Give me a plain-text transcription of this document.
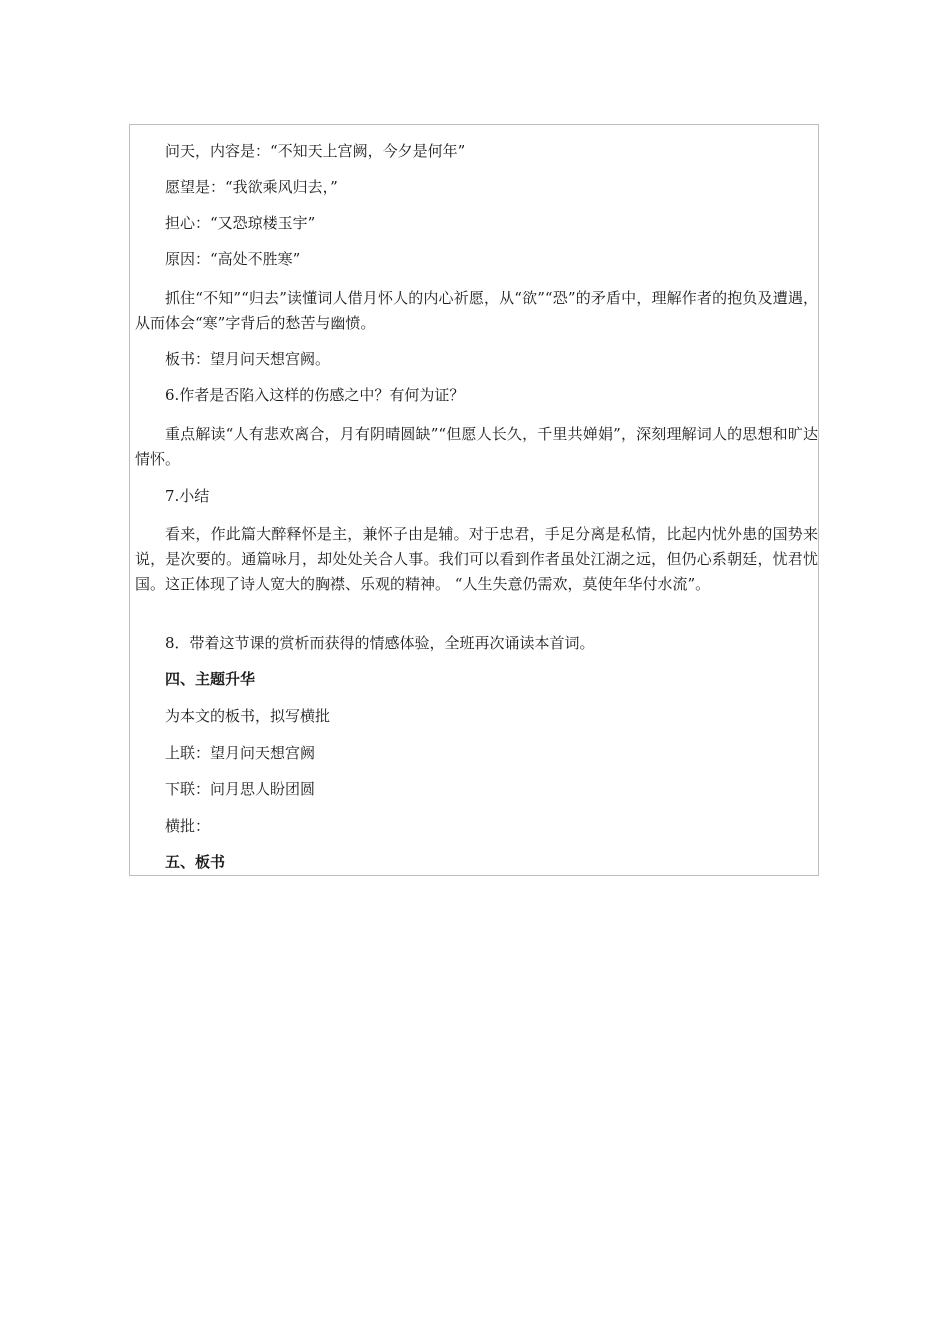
问天，内容是：“不知天上宫阙，今夕是何年”
愿望是：“我欲乘风归去，”
担心：“又恐琼楼玉宇”
原因：“高处不胜寒”
抓住“不知”“归去”读懂词人借月怀人的内心祈愿，从“欲”“恐”的矛盾中，理解作者的抱负及遭遇，从而体会“寒”字背后的愁苦与幽愤。
板书：望月问天想宫阙。
6.作者是否陷入这样的伤感之中？有何为证？
重点解读“人有悲欢离合，月有阴晴圆缺”“但愿人长久，千里共婵娟”，深刻理解词人的思想和旷达情怀。
7.小结
看来，作此篇大醉释怀是主，兼怀子由是辅。对于忠君，手足分离是私情，比起内忧外患的国势来说，是次要的。通篇咏月，却处处关合人事。我们可以看到作者虽处江湖之远，但仍心系朝廷，忧君忧国。这正体现了诗人宽大的胸襟、乐观的精神。 “人生失意仍需欢，莫使年华付水流”。
8．带着这节课的赏析而获得的情感体验，全班再次诵读本首词。
四、主题升华
为本文的板书，拟写横批
上联：望月问天想宫阙
下联：问月思人盼团圆
横批：
五、板书
